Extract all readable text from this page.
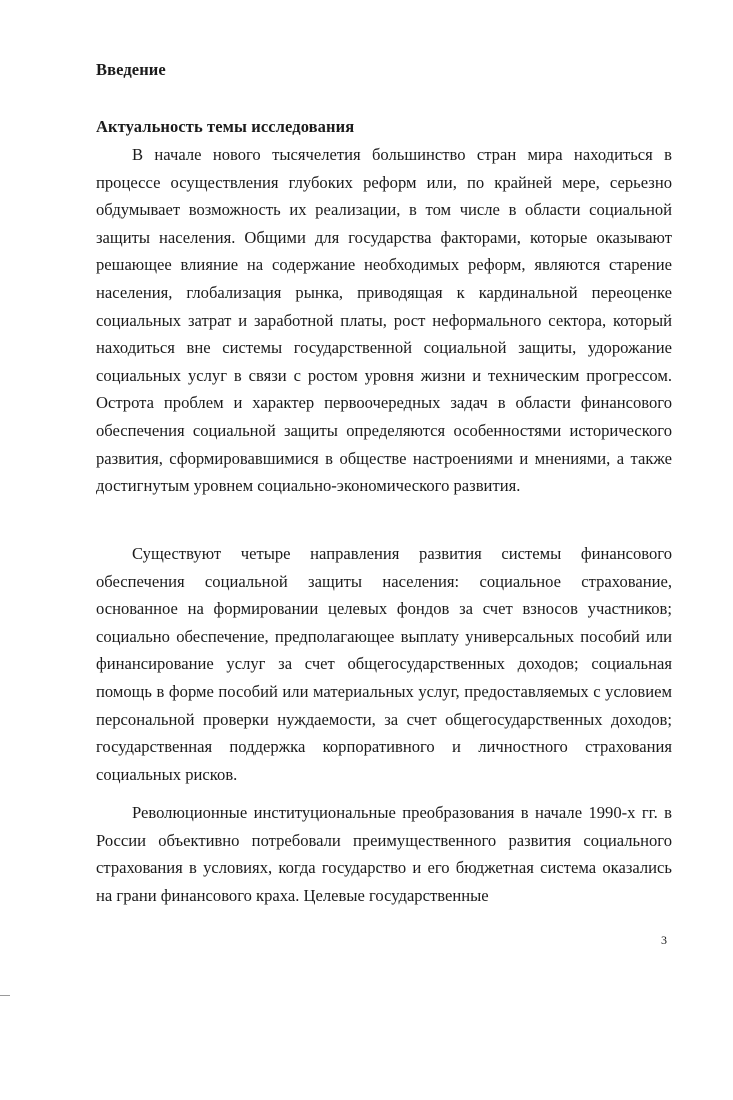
Введение
Актуальность темы исследования

В начале нового тысячелетия большинство стран мира находиться в процессе осуществления глубоких реформ или, по крайней мере, серьезно обдумывает возможность их реализации, в том числе в области социальной защиты населения. Общими для государства факторами, которые оказывают решающее влияние на содержание необходимых реформ, являются старение населения, глобализация рынка, приводящая к кардинальной переоценке социальных затрат и заработной платы, рост неформального сектора, который находиться вне системы государственной социальной защиты, удорожание социальных услуг в связи с ростом уровня жизни и техническим прогрессом. Острота проблем и характер первоочередных задач в области финансового обеспечения социальной защиты определяются особенностями исторического развития, сформировавшимися в обществе настроениями и мнениями, а также достигнутым уровнем социально-экономического развития.

Существуют четыре направления развития системы финансового обеспечения социальной защиты населения: социальное страхование, основанное на формировании целевых фондов за счет взносов участников; социально обеспечение, предполагающее выплату универсальных пособий или финансирование услуг за счет общегосударственных доходов; социальная помощь в форме пособий или материальных услуг, предоставляемых с условием персональной проверки нуждаемости, за счет общегосударственных доходов; государственная поддержка корпоративного и личностного страхования социальных рисков.

Революционные институциональные преобразования в начале 1990-х гг. в России объективно потребовали преимущественного развития социального страхования в условиях, когда государство и его бюджетная система оказались на грани финансового краха. Целевые государственные

3
